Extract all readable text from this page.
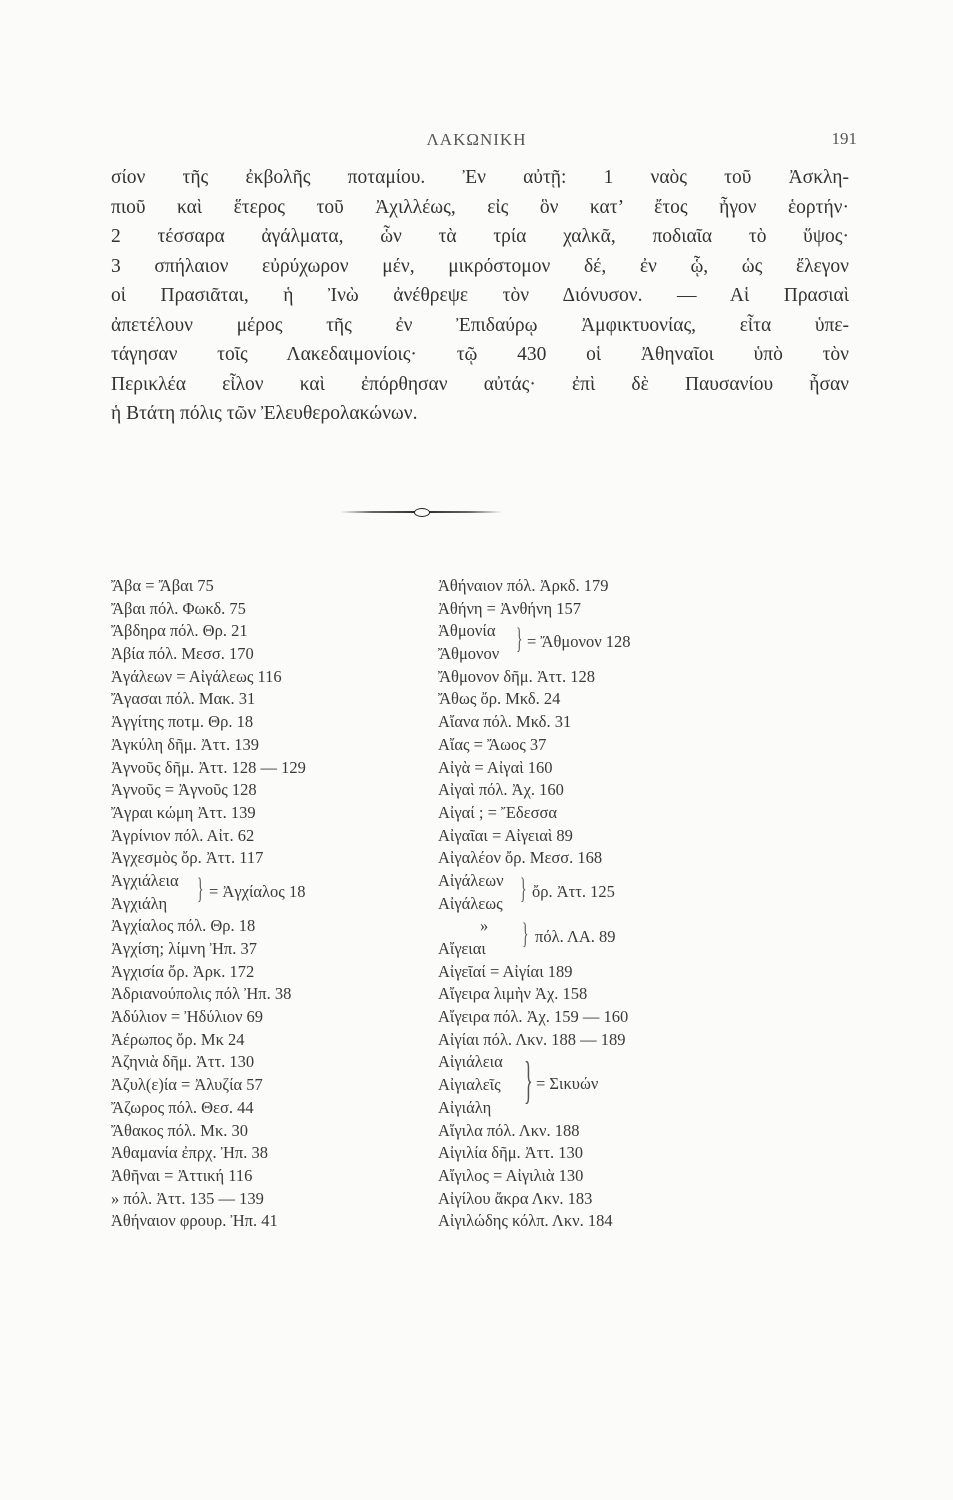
ΛΑΚΩΝΙΚΗ	191
σίον τῆς ἐκβολῆς ποταμίου. Ἐν αὐτῇ: 1 ναὸς τοῦ Ἀσκλη-
πιοῦ καὶ ἕτερος τοῦ Ἀχιλλέως, εἰς ὃν κατ’ ἔτος ἦγον ἑορτήν·
2 τέσσαρα ἀγάλματα, ὧν τὰ τρία χαλκᾶ, ποδιαῖα τὸ ὕψος·
3 σπήλαιον εὐρύχωρον μέν, μικρόστομον δέ, ἐν ᾧ, ὡς ἔλεγον
οἱ Πρασιᾶται, ἡ Ἰνὼ ἀνέθρεψε τὸν Διόνυσον. — Αἱ Πρασιαὶ
ἀπετέλουν μέρος τῆς ἐν Ἐπιδαύρῳ Ἀμφικτυονίας, εἶτα ὑπε-
τάγησαν τοῖς Λακεδαιμονίοις· τῷ 430 οἱ Ἀθηναῖοι ὑπὸ τὸν
Περικλέα εἶλον καὶ ἐπόρθησαν αὐτάς· ἐπὶ δὲ Παυσανίου ἦσαν
ἡ Βτάτη πόλις τῶν Ἐλευθερολακώνων.
Ἄβα = Ἄβαι 75
Ἄβαι πόλ. Φωκδ. 75
Ἄβδηρα πόλ. Θρ. 21
Ἀβία πόλ. Μεσσ. 170
Ἀγάλεων = Αἰγάλεως 116
Ἄγασαι πόλ. Μακ. 31
Ἀγγίτης ποτμ. Θρ. 18
Ἀγκύλη δῆμ. Ἀττ. 139
Ἀγνοῦς δῆμ. Ἀττ. 128 — 129
Ἁγνοῦς = Ἀγνοῦς 128
Ἄγραι κώμη Ἀττ. 139
Ἀγρίνιον πόλ. Αἰτ. 62
Ἀγχεσμὸς ὄρ. Ἀττ. 117
Ἀγχιάλεια
Ἀγχιάλη } = Ἀγχίαλος 18
Ἀγχίαλος πόλ. Θρ. 18
Ἀγχίση; λίμνη Ἠπ. 37
Ἀγχισία ὄρ. Ἀρκ. 172
Ἀδριανούπολις πόλ Ἠπ. 38
Ἀδύλιον = Ἠδύλιον 69
Ἀέρωπος ὄρ. Μκ 24
Ἀζηνιὰ δῆμ. Ἀττ. 130
Ἀζυλ(ε)ία = Ἀλυζία 57
Ἄζωρος πόλ. Θεσ. 44
Ἄθακος πόλ. Μκ. 30
Ἀθαμανία ἐπρχ. Ἠπ. 38
Ἀθῆναι = Ἀττική 116
» πόλ. Ἀττ. 135 — 139
Ἀθήναιον φρουρ. Ἠπ. 41
Ἀθήναιον πόλ. Ἀρκδ. 179
Ἀθήνη = Ἀνθήνη 157
Ἀθμονία
Ἄθμονον } = Ἄθμονον 128
Ἄθμονον δῆμ. Ἀττ. 128
Ἄθως ὄρ. Μκδ. 24
Αἴανα πόλ. Μκδ. 31
Αἴας = Ἄωος 37
Αἰγὰ = Αἰγαὶ 160
Αἰγαὶ πόλ. Ἀχ. 160
Αἰγαί ; = Ἔδεσσα
Αἰγαῖαι = Αἰγειαὶ 89
Αἰγαλέον ὄρ. Μεσσ. 168
Αἰγάλεων
Αἰγάλεως } ὄρ. Ἀττ. 125
»
Αἴγειαι } πόλ. ΛΑ. 89
Αἰγεῖαί = Αἰγίαι 189
Αἴγειρα λιμὴν Ἀχ. 158
Αἴγειρα πόλ. Ἀχ. 159 — 160
Αἰγίαι πόλ. Λκν. 188 — 189
Αἰγιάλεια
Αἰγιαλεῖς
Αἰγιάλη } = Σικυών
Αἴγιλα πόλ. Λκν. 188
Αἰγιλία δῆμ. Ἀττ. 130
Αἴγιλος = Αἰγιλιὰ 130
Αἰγίλου ἄκρα Λκν. 183
Αἰγιλώδης κόλπ. Λκν. 184
